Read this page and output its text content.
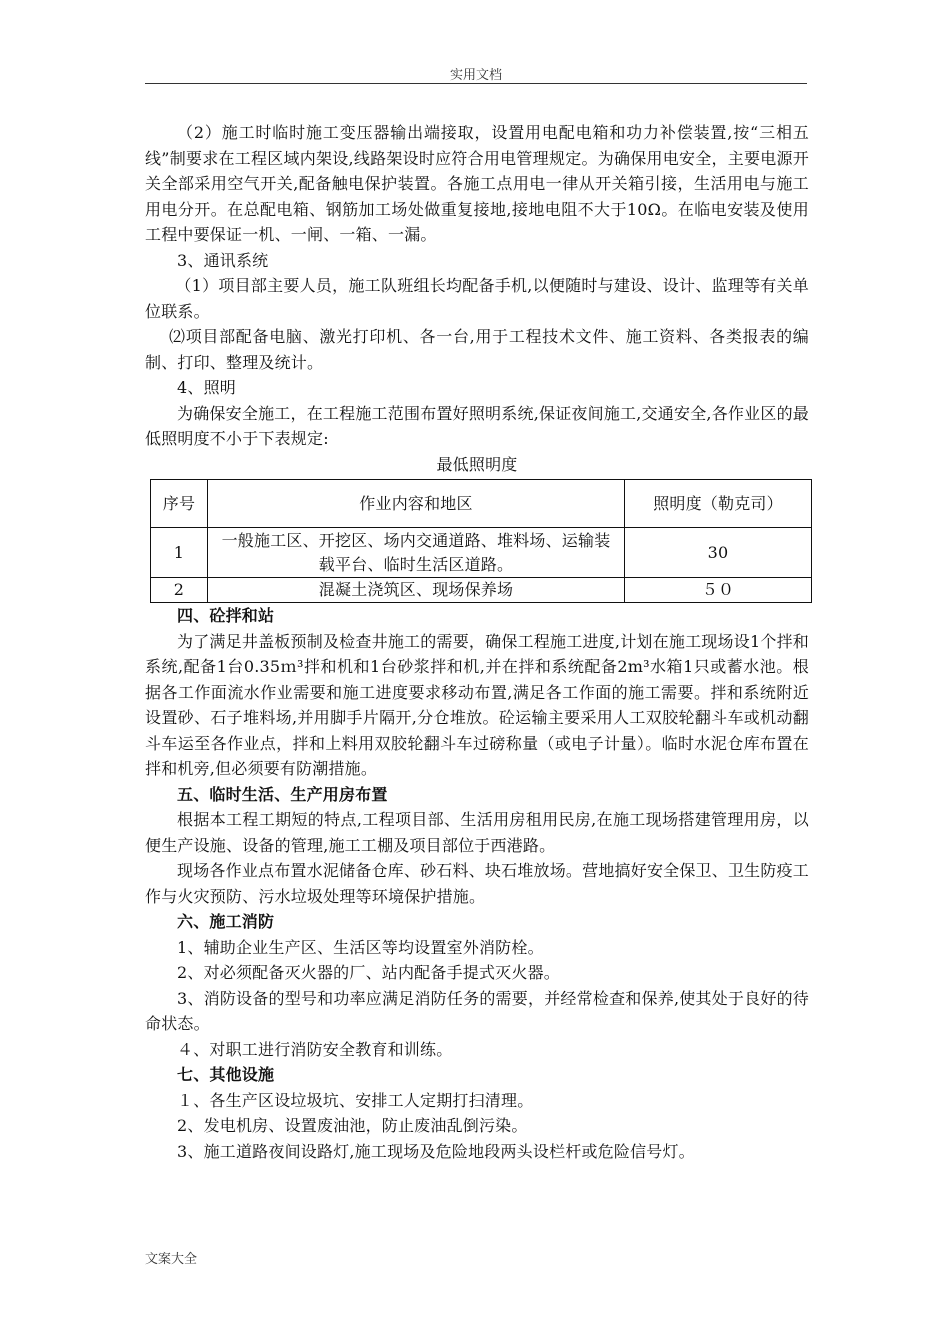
实用文档

（2）施工时临时施工变压器输出端接取，设置用电配电箱和功力补偿装置,按“三相五线”制要求在工程区域内架设,线路架设时应符合用电管理规定。为确保用电安全，主要电源开关全部采用空气开关,配备触电保护装置。各施工点用电一律从开关箱引接，生活用电与施工用电分开。在总配电箱、钢筋加工场处做重复接地,接地电阻不大于10Ω。在临电安装及使用工程中要保证一机、一闸、一箱、一漏。

3、通讯系统

（1）项目部主要人员，施工队班组长均配备手机,以便随时与建设、设计、监理等有关单位联系。

⑵项目部配备电脑、激光打印机、各一台,用于工程技术文件、施工资料、各类报表的编制、打印、整理及统计。

4、照明

为确保安全施工，在工程施工范围布置好照明系统,保证夜间施工,交通安全,各作业区的最低照明度不小于下表规定:

最低照明度

序号	作业内容和地区	照明度（勒克司）
1	一般施工区、开挖区、场内交通道路、堆料场、运输装载平台、临时生活区道路。	30
2	混凝土浇筑区、现场保养场	５０

四、砼拌和站

为了满足井盖板预制及检查井施工的需要，确保工程施工进度,计划在施工现场设1个拌和系统,配备1台0.35ｍ³拌和机和1台砂浆拌和机,并在拌和系统配备2m³水箱1只或蓄水池。根据各工作面流水作业需要和施工进度要求移动布置,满足各工作面的施工需要。拌和系统附近设置砂、石子堆料场,并用脚手片隔开,分仓堆放。砼运输主要采用人工双胶轮翻斗车或机动翻斗车运至各作业点，拌和上料用双胶轮翻斗车过磅称量（或电子计量）。临时水泥仓库布置在拌和机旁,但必须要有防潮措施。

五、临时生活、生产用房布置

根据本工程工期短的特点,工程项目部、生活用房租用民房,在施工现场搭建管理用房，以便生产设施、设备的管理,施工工棚及项目部位于西港路。

现场各作业点布置水泥储备仓库、砂石料、块石堆放场。营地搞好安全保卫、卫生防疫工作与火灾预防、污水垃圾处理等环境保护措施。

六、施工消防

1、辅助企业生产区、生活区等均设置室外消防栓。

2、对必须配备灭火器的厂、站内配备手提式灭火器。

3、消防设备的型号和功率应满足消防任务的需要，并经常检查和保养,使其处于良好的待命状态。

４、对职工进行消防安全教育和训练。

七、其他设施

１、各生产区设垃圾坑、安排工人定期打扫清理。

2、发电机房、设置废油池，防止废油乱倒污染。

3、施工道路夜间设路灯,施工现场及危险地段两头设栏杆或危险信号灯。

文案大全
